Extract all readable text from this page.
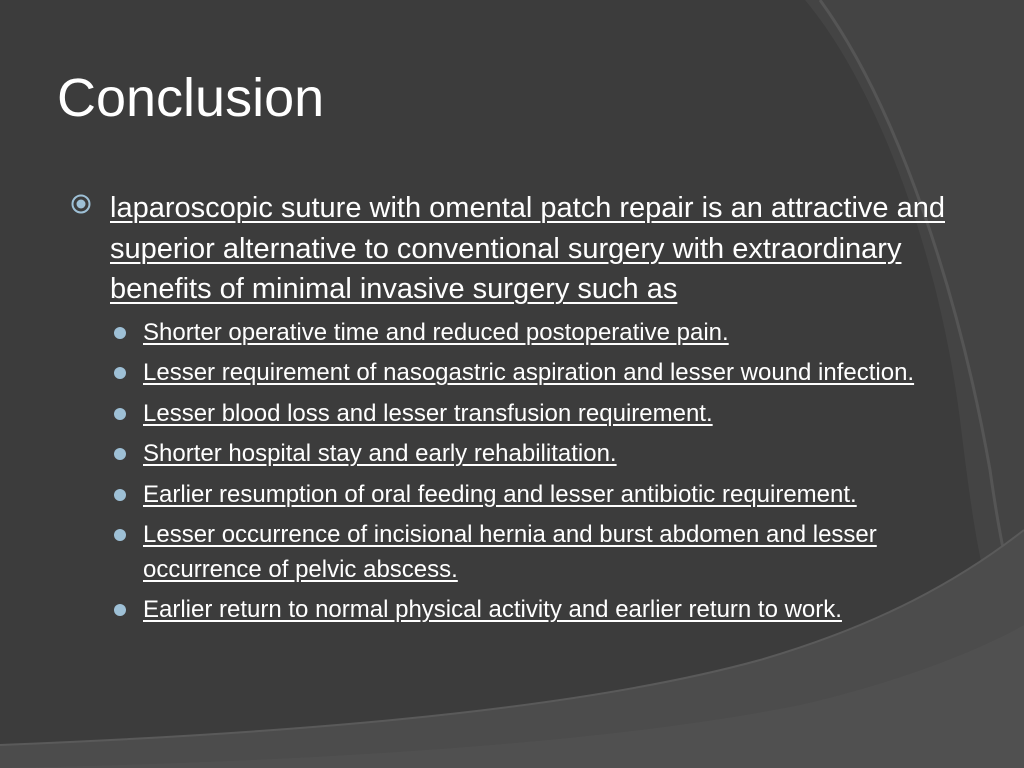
Conclusion
laparoscopic suture with omental patch repair is an attractive and superior alternative to conventional surgery with extraordinary benefits of minimal invasive surgery such as
Shorter operative time and reduced postoperative pain.
Lesser requirement of nasogastric aspiration and lesser wound infection.
Lesser blood loss and lesser transfusion requirement.
Shorter hospital stay and early rehabilitation.
Earlier resumption of oral feeding and lesser antibiotic requirement.
Lesser occurrence of incisional hernia and burst abdomen and lesser occurrence of pelvic abscess.
Earlier return to normal physical activity and earlier return to work.
